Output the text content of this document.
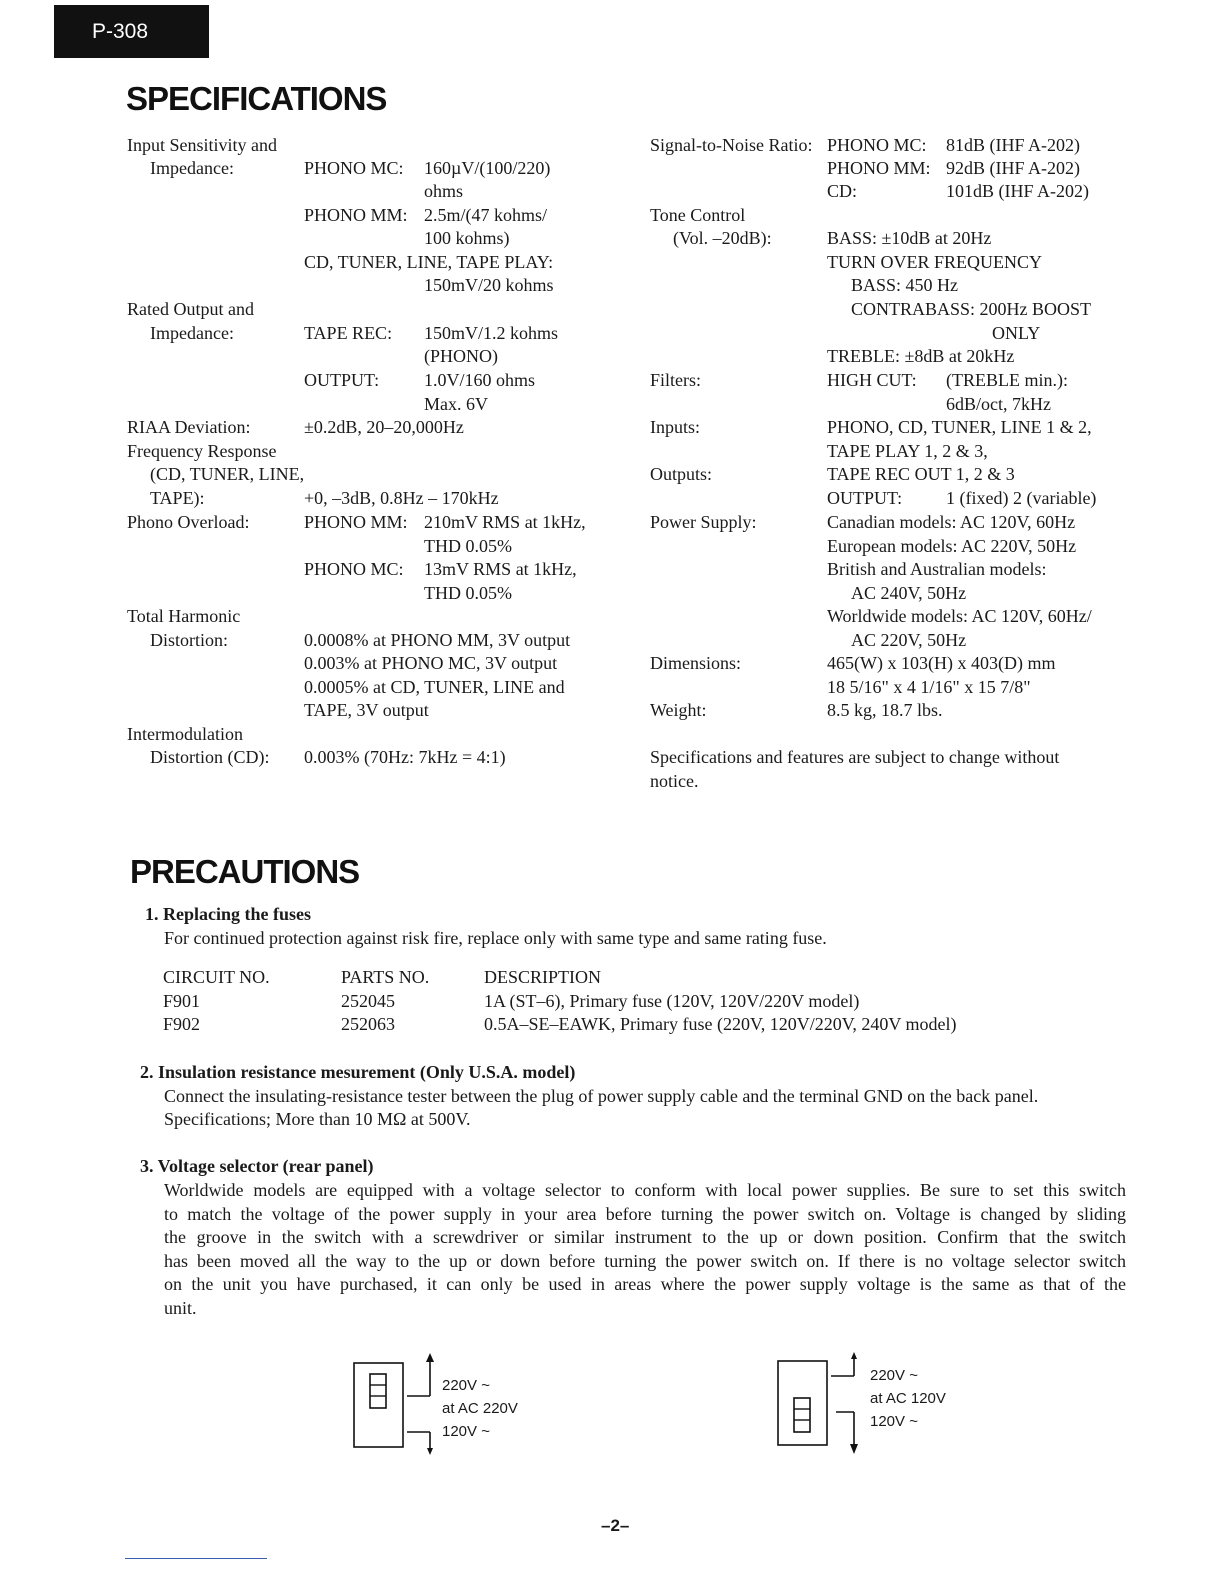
P-308
SPECIFICATIONS
Input Sensitivity and
Impedance:	PHONO MC: 160µV/(100/220)
ohms
PHONO MM: 2.5m/(47 kohms/
100 kohms)
CD, TUNER, LINE, TAPE PLAY:
150mV/20 kohms
Rated Output and
Impedance:	TAPE REC: 150mV/1.2 kohms
(PHONO)
OUTPUT: 1.0V/160 ohms
Max. 6V
RIAA Deviation:	±0.2dB, 20–20,000Hz
Frequency Response
(CD, TUNER, LINE,
TAPE):	+0, –3dB, 0.8Hz – 170kHz
Phono Overload:	PHONO MM: 210mV RMS at 1kHz,
THD 0.05%
PHONO MC: 13mV RMS at 1kHz,
THD 0.05%
Total Harmonic
Distortion:	0.0008% at PHONO MM, 3V output
0.003% at PHONO MC, 3V output
0.0005% at CD, TUNER, LINE and
TAPE, 3V output
Intermodulation
Distortion (CD): 0.003% (70Hz: 7kHz = 4:1)
Signal-to-Noise Ratio: PHONO MC: 81dB (IHF A-202)
PHONO MM: 92dB (IHF A-202)
CD:	101dB (IHF A-202)
Tone Control
(Vol. –20dB):	BASS: ±10dB at 20Hz
TURN OVER FREQUENCY
BASS: 450 Hz
CONTRABASS: 200Hz BOOST
ONLY
TREBLE: ±8dB at 20kHz
Filters:	HIGH CUT: (TREBLE min.):
6dB/oct, 7kHz
Inputs:	PHONO, CD, TUNER, LINE 1 & 2,
TAPE PLAY 1, 2 & 3,
Outputs:	TAPE REC OUT 1, 2 & 3
OUTPUT: 1 (fixed) 2 (variable)
Power Supply:	Canadian models: AC 120V, 60Hz
European models: AC 220V, 50Hz
British and Australian models:
AC 240V, 50Hz
Worldwide models: AC 120V, 60Hz/
AC 220V, 50Hz
Dimensions:	465(W) x 103(H) x 403(D) mm
18 5/16" x 4 1/16" x 15 7/8"
Weight:	8.5 kg, 18.7 lbs.
Specifications and features are subject to change without
notice.
PRECAUTIONS
1. Replacing the fuses
For continued protection against risk fire, replace only with same type and same rating fuse.
CIRCUIT NO.	PARTS NO.	DESCRIPTION
F901	252045	1A (ST–6), Primary fuse (120V, 120V/220V model)
F902	252063	0.5A–SE–EAWK, Primary fuse (220V, 120V/220V, 240V model)
2. Insulation resistance mesurement (Only U.S.A. model)
Connect the insulating-resistance tester between the plug of power supply cable and the terminal GND on the back panel.
Specifications; More than 10 MΩ at 500V.
3. Voltage selector (rear panel)
Worldwide models are equipped with a voltage selector to conform with local power supplies. Be sure to set this switch
to match the voltage of the power supply in your area before turning the power switch on. Voltage is changed by sliding
the groove in the switch with a screwdriver or similar instrument to the up or down position. Confirm that the switch
has been moved all the way to the up or down before turning the power switch on. If there is no voltage selector switch
on the unit you have purchased, it can only be used in areas where the power supply voltage is the same as that of the
unit.
220V ~
at AC 220V
120V ~
220V ~
at AC 120V
120V ~
–2–
